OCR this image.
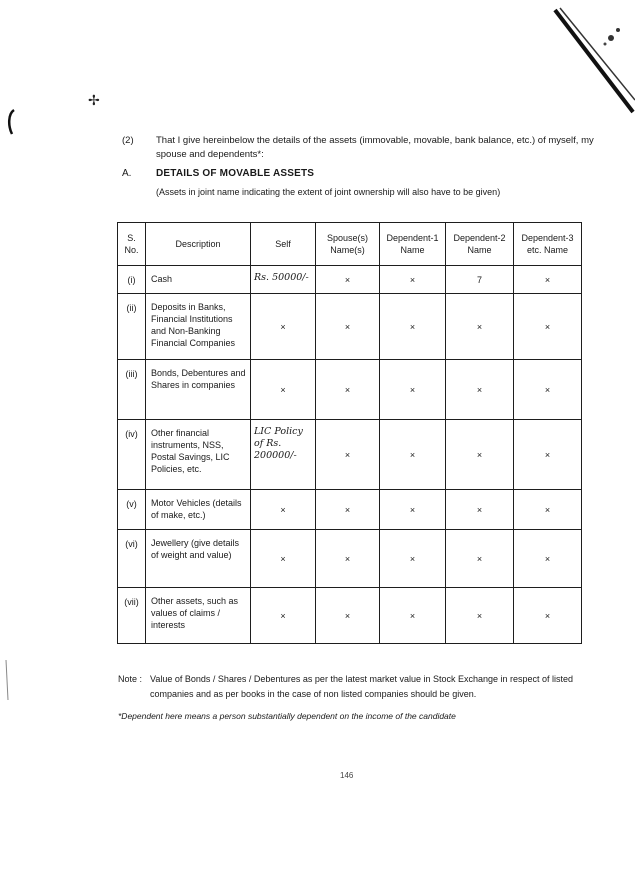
✢
(2) That I give hereinbelow the details of the assets (immovable, movable, bank balance, etc.) of myself, my spouse and dependents*:
A. DETAILS OF MOVABLE ASSETS
(Assets in joint name indicating the extent of joint ownership will also have to be given)
S. No.	Description	Self	Spouse(s) Name(s)	Dependent-1 Name	Dependent-2 Name	Dependent-3 etc. Name
(i)	Cash	Rs. 50000/-	×	×	7	×
(ii)	Deposits in Banks, Financial Institutions and Non-Banking Financial Companies	×	×	×	×	×
(iii)	Bonds, Debentures and Shares in companies	×	×	×	×	×
(iv)	Other financial instruments, NSS, Postal Savings, LIC Policies, etc.	LIC Policy of Rs. 200000/-	×	×	×	×
(v)	Motor Vehicles (details of make, etc.)	×	×	×	×	×
(vi)	Jewellery (give details of weight and value)	×	×	×	×	×
(vii)	Other assets, such as values of claims / interests	×	×	×	×	×
Note : Value of Bonds / Shares / Debentures as per the latest market value in Stock Exchange in respect of listed companies and as per books in the case of non listed companies should be given.
*Dependent here means a person substantially dependent on the income of the candidate
146
